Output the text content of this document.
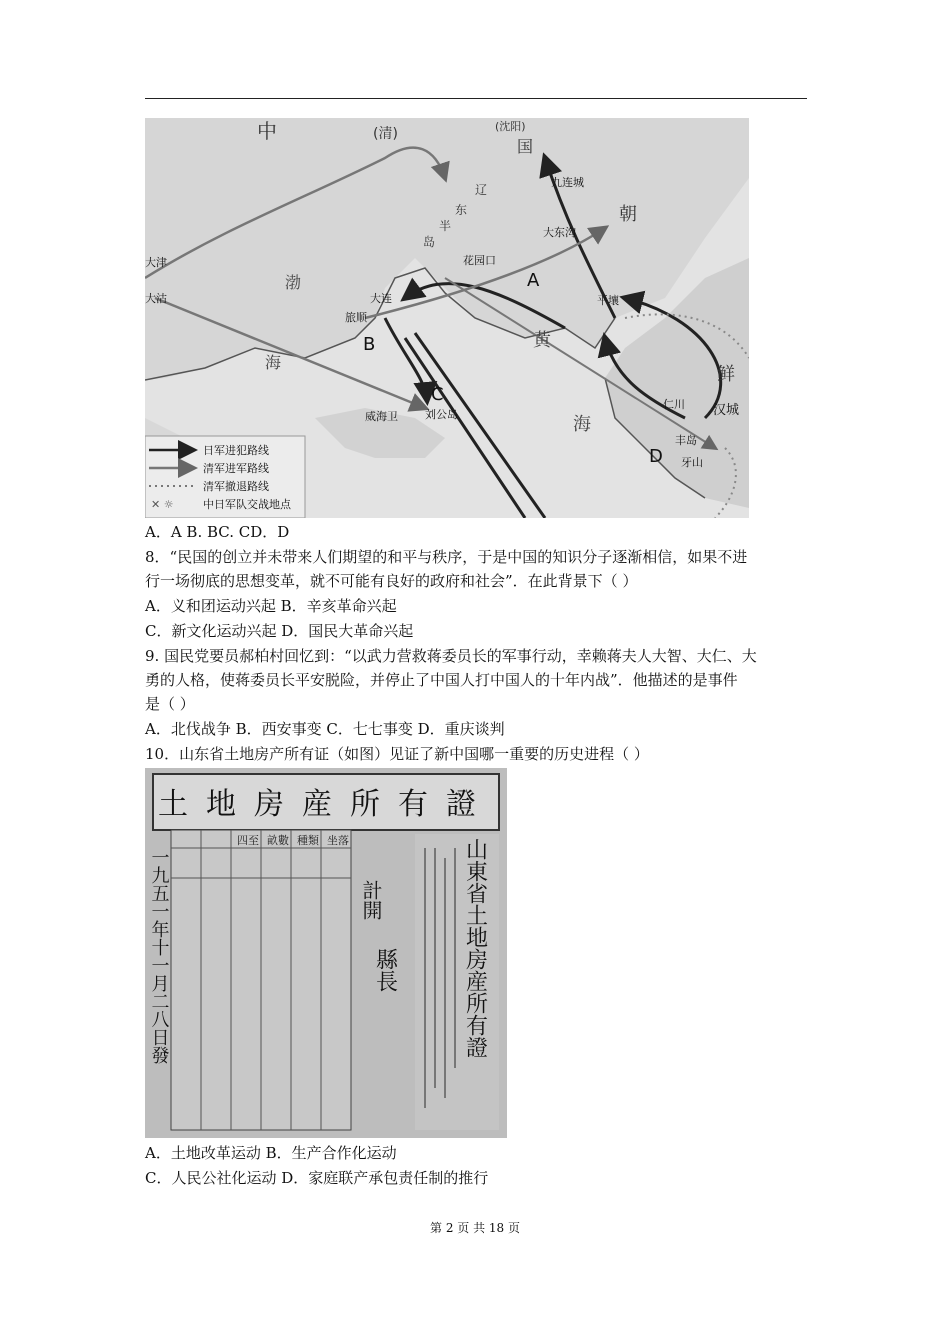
中	(清)	(沈阳)
国
九连城
朝
鲜
大津
大沽
渤
海
大连
旅顺
花园口
大东沟
平壤
汉城
仁川
丰岛
牙山
威海卫 刘公岛
黄
海
辽
东
半
岛
A
B
C
D
日军进犯路线
清军进军路线
清军撤退路线
✕ ☼	中日军队交战地点
A．A B. BC. CD．D
8．“民国的创立并未带来人们期望的和平与秩序，于是中国的知识分子逐渐相信，如果不进
行一场彻底的思想变革，就不可能有良好的政府和社会”．在此背景下（ ）
A．义和团运动兴起 B．辛亥革命兴起
C．新文化运动兴起 D．国民大革命兴起
9. 国民党要员郝柏村回忆到：“以武力营救蒋委员长的军事行动，幸赖蒋夫人大智、大仁、大
勇的人格，使蒋委员长平安脱险，并停止了中国人打中国人的十年内战”．他描述的是事件
是（ ）
A．北伐战争 B．西安事变 C．七七事变 D．重庆谈判
10．山东省土地房产所有证（如图）见证了新中国哪一重要的历史进程（ ）
土地房産所有證
坐落
種類
畝數
四至
一九五一年十一月二八日發	計開
縣長	山東省土地房産所有證
A．土地改革运动 B．生产合作化运动
C．人民公社化运动 D．家庭联产承包责任制的推行
第 2 页 共 18 页
